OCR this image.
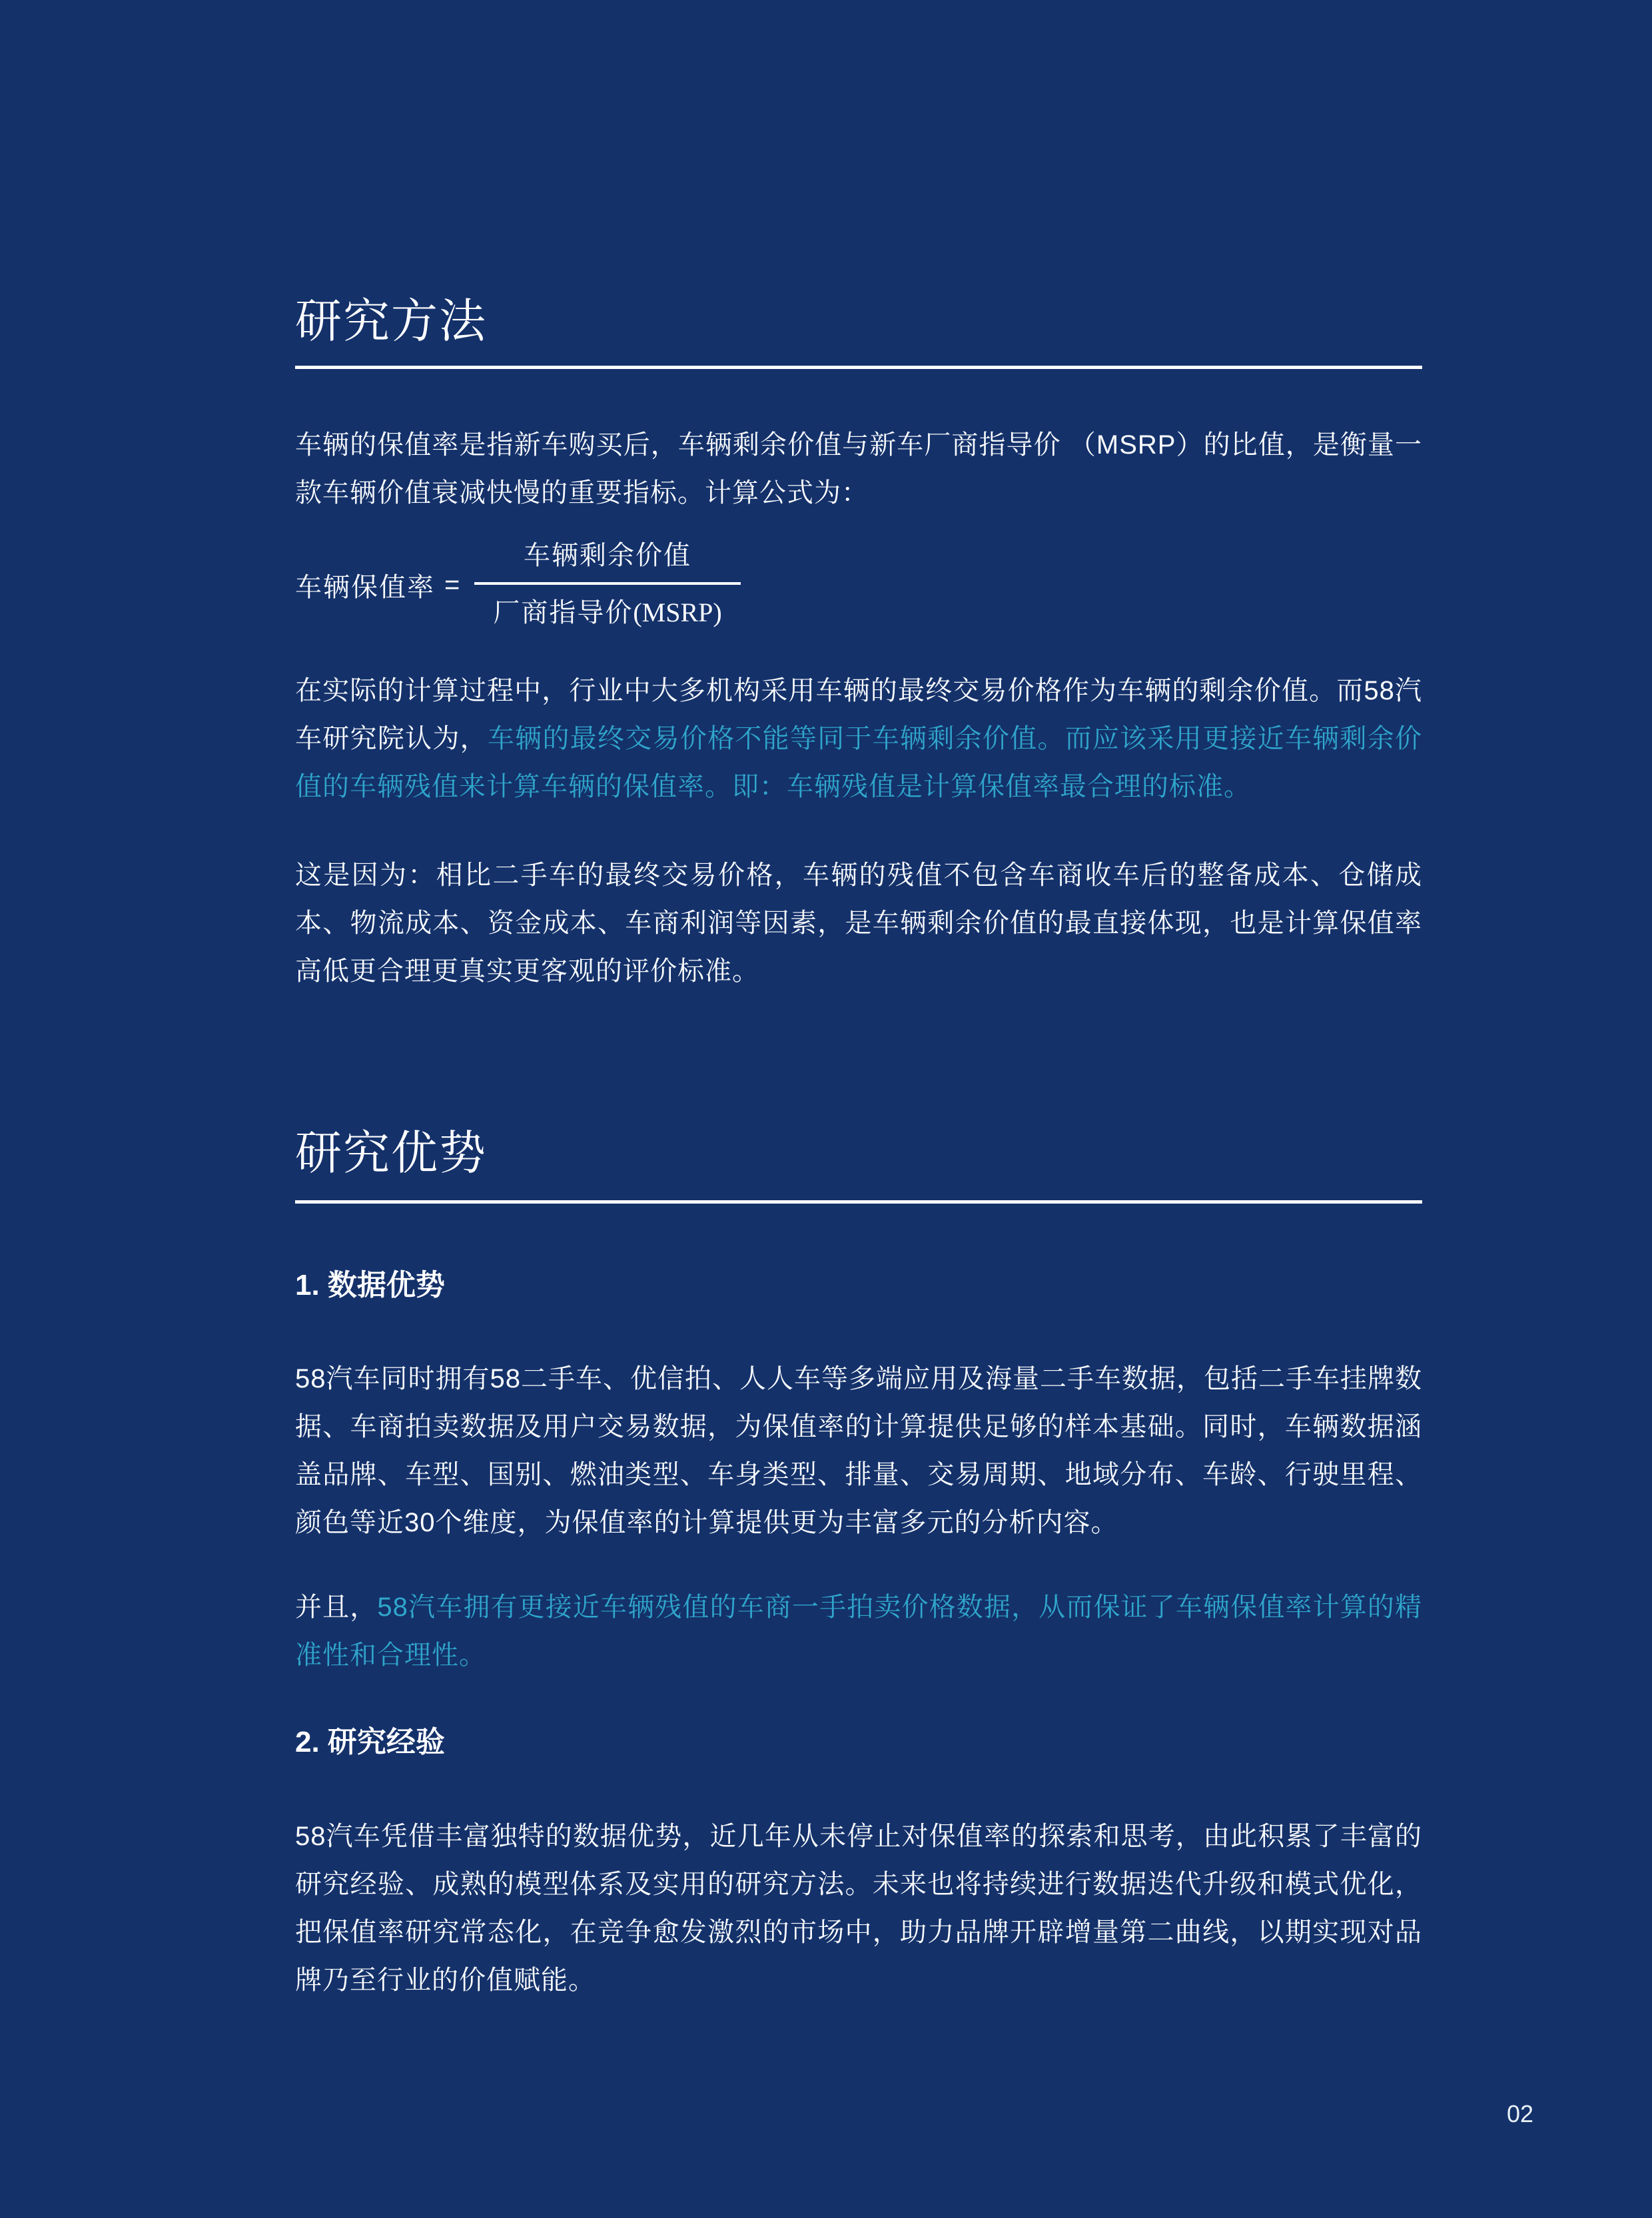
研究方法

车辆的保值率是指新车购买后，车辆剩余价值与新车厂商指导价 （MSRP）的比值，是衡量一款车辆价值衰减快慢的重要指标。计算公式为：

车辆保值率 = $\frac{\text{车辆剩余价值}}{\text{厂商指导价(MSRP)}}$

在实际的计算过程中，行业中大多机构采用车辆的最终交易价格作为车辆的剩余价值。而58汽车研究院认为，车辆的最终交易价格不能等同于车辆剩余价值。而应该采用更接近车辆剩余价值的车辆残值来计算车辆的保值率。即：车辆残值是计算保值率最合理的标准。

这是因为：相比二手车的最终交易价格，车辆的残值不包含车商收车后的整备成本、仓储成本、物流成本、资金成本、车商利润等因素，是车辆剩余价值的最直接体现，也是计算保值率高低更合理更真实更客观的评价标准。

研究优势
1. 数据优势

58汽车同时拥有58二手车、优信拍、人人车等多端应用及海量二手车数据，包括二手车挂牌数据、车商拍卖数据及用户交易数据，为保值率的计算提供足够的样本基础。同时，车辆数据涵盖品牌、车型、国别、燃油类型、车身类型、排量、交易周期、地域分布、车龄、行驶里程、颜色等近30个维度，为保值率的计算提供更为丰富多元的分析内容。

并且，58汽车拥有更接近车辆残值的车商一手拍卖价格数据，从而保证了车辆保值率计算的精准性和合理性。

2. 研究经验

58汽车凭借丰富独特的数据优势，近几年从未停止对保值率的探索和思考，由此积累了丰富的研究经验、成熟的模型体系及实用的研究方法。未来也将持续进行数据迭代升级和模式优化，把保值率研究常态化，在竞争愈发激烈的市场中，助力品牌开辟增量第二曲线，以期实现对品牌乃至行业的价值赋能。

02
